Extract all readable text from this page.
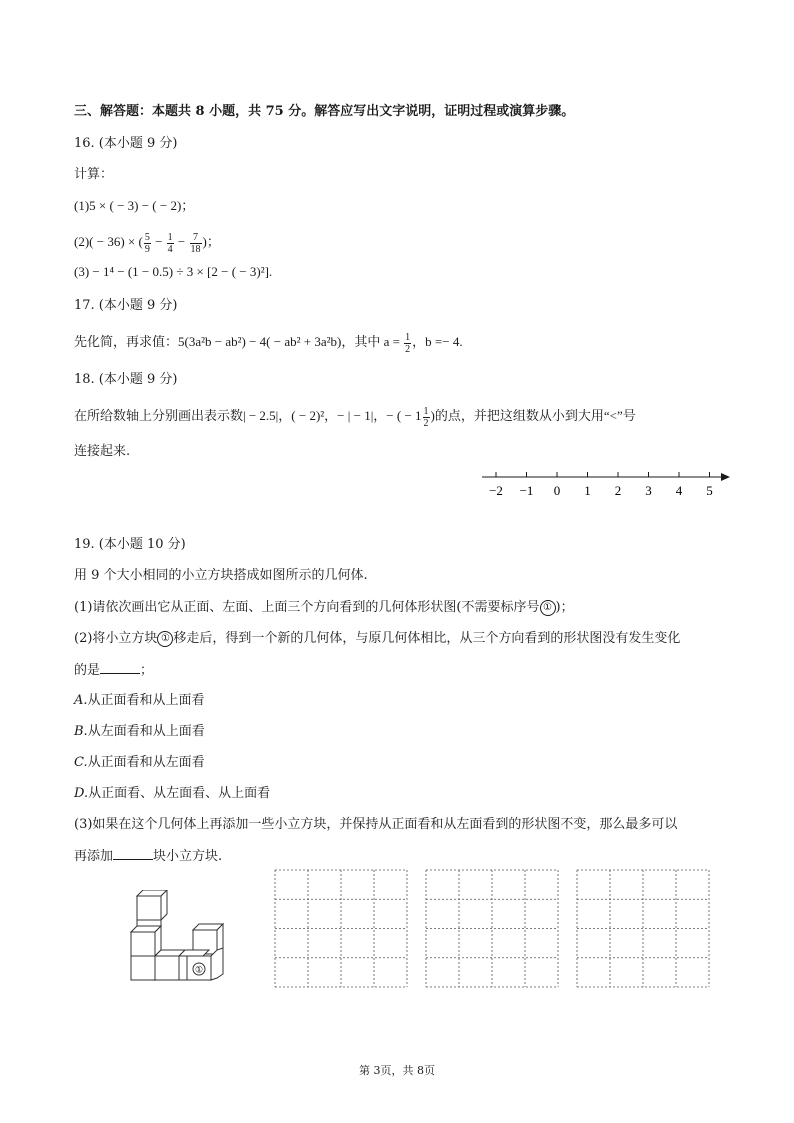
三、解答题：本题共 8 小题，共 75 分。解答应写出文字说明，证明过程或演算步骤。
16. (本小题 9 分)
计算：
(1)5 × ( − 3) − ( − 2)；
(2)( − 36) × ( $\frac{5}{9} - \frac{1}{4} - \frac{7}{18}$ )；
(3) − 1⁴ − (1 − 0.5) ÷ 3 × [2 − ( − 3)²].
17. (本小题 9 分)
先化简，再求值：5(3a²b − ab²) − 4( − ab² + 3a²b)，其中 $a = \frac{1}{2}$ ，b =− 4.
18. (本小题 9 分)
在所给数轴上分别画出表示数| − 2.5|，( − 2)²，− | − 1|，− ( − $1 \frac{1}{2}$ )的点，并把这组数从小到大用“<”号
连接起来.
−2 −1 0 1 2 3 4 5
19. (本小题 10 分)
用 9 个大小相同的小立方块搭成如图所示的几何体.
(1)请依次画出它从正面、左面、上面三个方向看到的几何体形状图(不需要标序号 ① )；
(2)将小立方块 ① 移走后，得到一个新的几何体，与原几何体相比，从三个方向看到的形状图没有发生变化
的是	；
A.从正面看和从上面看
B.从左面看和从上面看
C.从正面看和从左面看
D.从正面看、从左面看、从上面看
(3)如果在这个几何体上再添加一些小立方块，并保持从正面看和从左面看到的形状图不变，那么最多可以
再添加	块小立方块.
①
第 3页，共 8页
